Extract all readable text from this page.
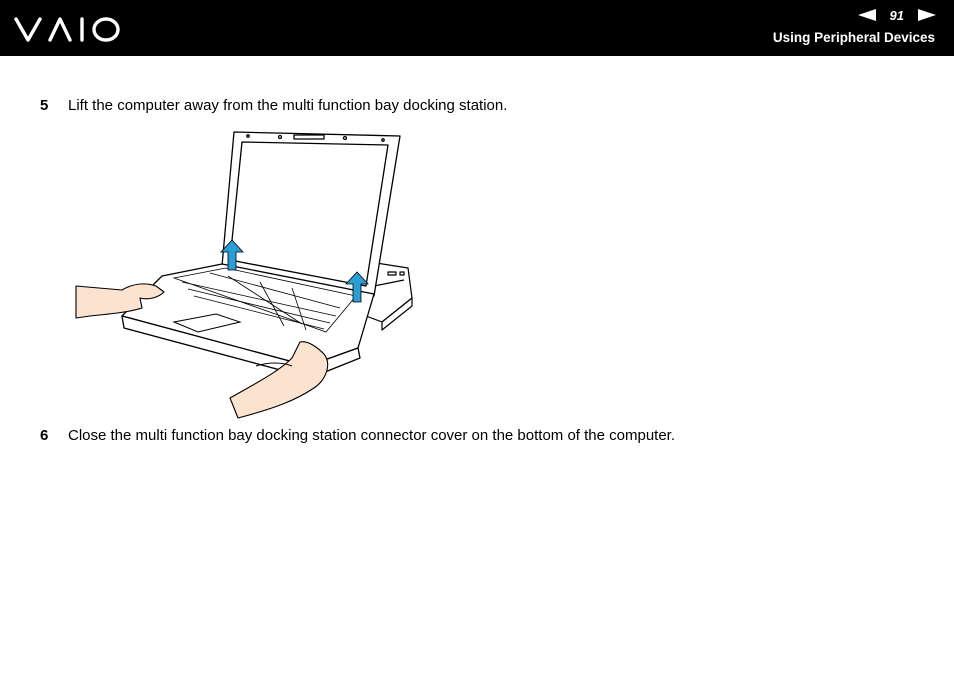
91
Using Peripheral Devices
5	Lift the computer away from the multi function bay docking station.
6	Close the multi function bay docking station connector cover on the bottom of the computer.
